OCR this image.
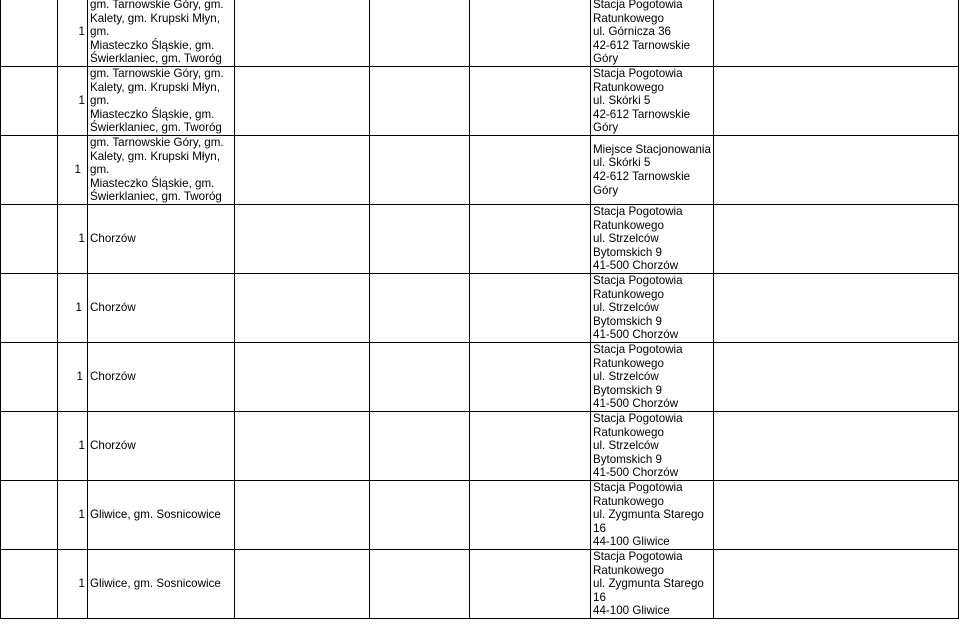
	1	gm. Tarnowskie Góry, gm.
Kalety, gm. Krupski Młyn, gm.
Miasteczko Śląskie, gm.
Świerklaniec, gm. Tworóg				Stacja Pogotowia
Ratunkowego
ul. Górnicza 36
42-612 Tarnowskie
Góry	

	1	gm. Tarnowskie Góry, gm.
Kalety, gm. Krupski Młyn, gm.
Miasteczko Śląskie, gm.
Świerklaniec, gm. Tworóg				Stacja Pogotowia
Ratunkowego
ul. Skórki 5
42-612 Tarnowskie
Góry	

	1	gm. Tarnowskie Góry, gm.
Kalety, gm. Krupski Młyn, gm.
Miasteczko Śląskie, gm.
Świerklaniec, gm. Tworóg				Miejsce Stacjonowania
ul. Skórki 5
42-612 Tarnowskie
Góry	

	1	Chorzów				Stacja Pogotowia
Ratunkowego
ul. Strzelców
Bytomskich 9
41-500 Chorzów	

	1	Chorzów				Stacja Pogotowia
Ratunkowego
ul. Strzelców
Bytomskich 9
41-500 Chorzów	

	1	Chorzów				Stacja Pogotowia
Ratunkowego
ul. Strzelców
Bytomskich 9
41-500 Chorzów	

	1	Chorzów				Stacja Pogotowia
Ratunkowego
ul. Strzelców
Bytomskich 9
41-500 Chorzów	

	1	Gliwice, gm. Sosnicowice				Stacja Pogotowia
Ratunkowego
ul. Zygmunta Starego
16
44-100 Gliwice	

	1	Gliwice, gm. Sosnicowice				Stacja Pogotowia
Ratunkowego
ul. Zygmunta Starego
16
44-100 Gliwice	
